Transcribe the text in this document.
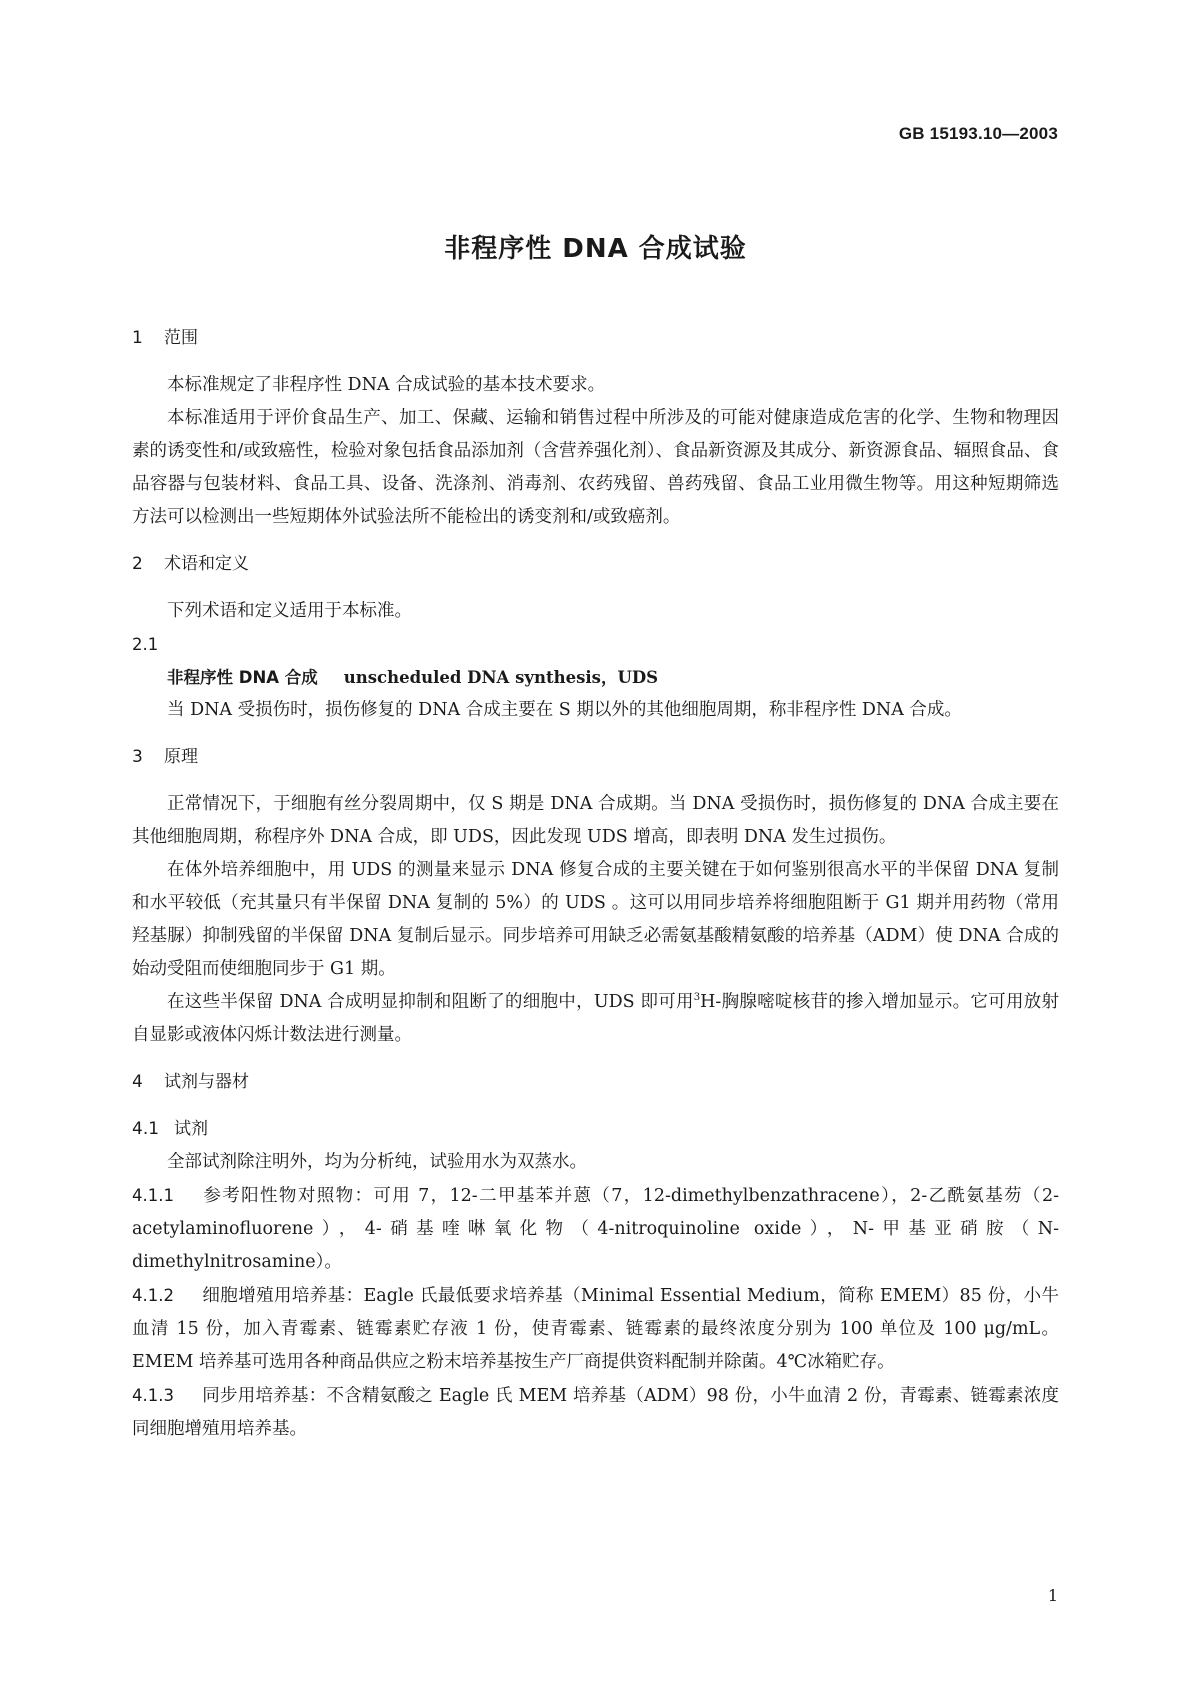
GB 15193.10—2003
非程序性 DNA 合成试验

1 范围

本标准规定了非程序性 DNA 合成试验的基本技术要求。

本标准适用于评价食品生产、加工、保藏、运输和销售过程中所涉及的可能对健康造成危害的化学、生物和物理因素的诱变性和/或致癌性，检验对象包括食品添加剂（含营养强化剂）、食品新资源及其成分、新资源食品、辐照食品、食品容器与包装材料、食品工具、设备、洗涤剂、消毒剂、农药残留、兽药残留、食品工业用微生物等。用这种短期筛选方法可以检测出一些短期体外试验法所不能检出的诱变剂和/或致癌剂。

2 术语和定义

下列术语和定义适用于本标准。

2.1

非程序性 DNA 合成 unscheduled DNA synthesis，UDS

当 DNA 受损伤时，损伤修复的 DNA 合成主要在 S 期以外的其他细胞周期，称非程序性 DNA 合成。

3 原理

正常情况下，于细胞有丝分裂周期中，仅 S 期是 DNA 合成期。当 DNA 受损伤时，损伤修复的 DNA 合成主要在其他细胞周期，称程序外 DNA 合成，即 UDS，因此发现 UDS 增高，即表明 DNA 发生过损伤。

在体外培养细胞中，用 UDS 的测量来显示 DNA 修复合成的主要关键在于如何鉴别很高水平的半保留 DNA 复制和水平较低（充其量只有半保留 DNA 复制的 5%）的 UDS 。这可以用同步培养将细胞阻断于 G1 期并用药物（常用羟基脲）抑制残留的半保留 DNA 复制后显示。同步培养可用缺乏必需氨基酸精氨酸的培养基（ADM）使 DNA 合成的始动受阻而使细胞同步于 G1 期。

在这些半保留 DNA 合成明显抑制和阻断了的细胞中，UDS 即可用$^3$H-胸腺嘧啶核苷的掺入增加显示。它可用放射自显影或液体闪烁计数法进行测量。

4 试剂与器材

4.1 试剂

全部试剂除注明外，均为分析纯，试验用水为双蒸水。

4.1.1 参考阳性物对照物：可用 7，12-二甲基苯并蒽（7，12-dimethylbenzathracene），2-乙酰氨基芴（2-acetylaminofluorene），4-硝基喹啉氧化物（4-nitroquinoline oxide），N-甲基亚硝胺（N-dimethylnitrosamine）。

4.1.2 细胞增殖用培养基：Eagle 氏最低要求培养基（Minimal Essential Medium，简称 EMEM）85 份，小牛血清 15 份，加入青霉素、链霉素贮存液 1 份，使青霉素、链霉素的最终浓度分别为 100 单位及 100 μg/mL。EMEM 培养基可选用各种商品供应之粉末培养基按生产厂商提供资料配制并除菌。4℃冰箱贮存。

4.1.3 同步用培养基：不含精氨酸之 Eagle 氏 MEM 培养基（ADM）98 份，小牛血清 2 份，青霉素、链霉素浓度同细胞增殖用培养基。

1
